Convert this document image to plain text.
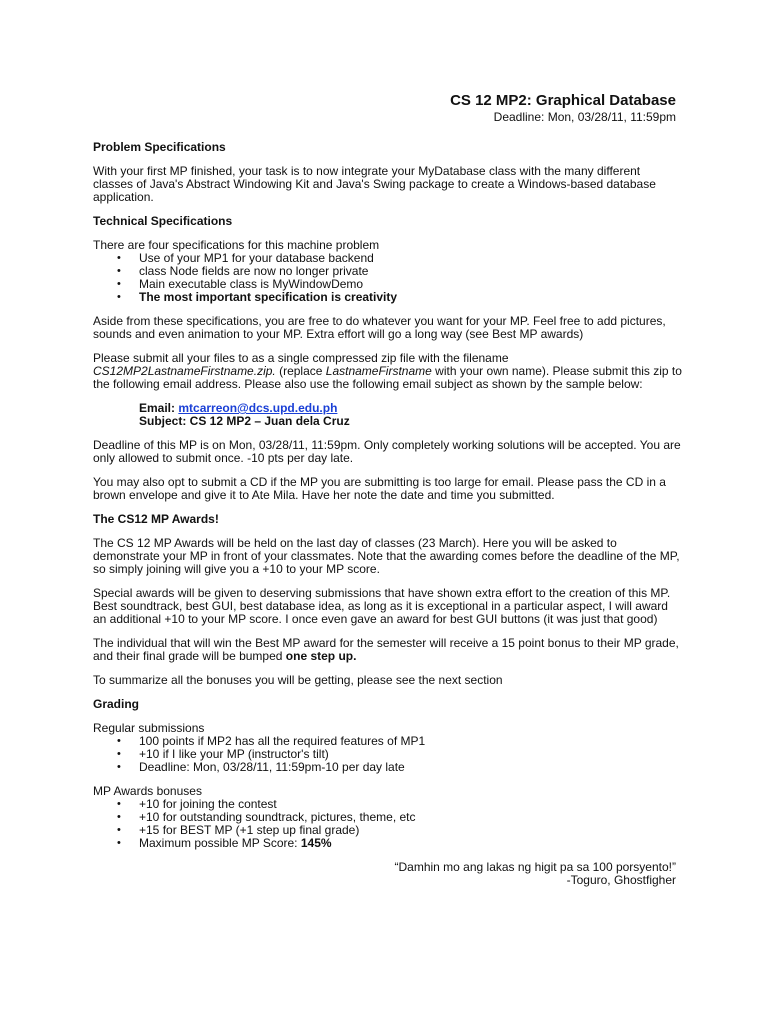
CS 12 MP2: Graphical Database
Deadline: Mon, 03/28/11, 11:59pm
Problem Specifications

With your first MP finished, your task is to now integrate your MyDatabase class with the many different classes of Java's Abstract Windowing Kit and Java's Swing package to create a Windows-based database application.

Technical Specifications

There are four specifications for this machine problem

• Use of your MP1 for your database backend
• class Node fields are now no longer private
• Main executable class is MyWindowDemo
• The most important specification is creativity

Aside from these specifications, you are free to do whatever you want for your MP. Feel free to add pictures, sounds and even animation to your MP. Extra effort will go a long way (see Best MP awards)

Please submit all your files to as a single compressed zip file with the filename
CS12MP2LastnameFirstname.zip. (replace LastnameFirstname with your own name). Please submit this zip to the following email address. Please also use the following email subject as shown by the sample below:

Email: mtcarreon@dcs.upd.edu.ph
Subject: CS 12 MP2 – Juan dela Cruz

Deadline of this MP is on Mon, 03/28/11, 11:59pm. Only completely working solutions will be accepted. You are only allowed to submit once. -10 pts per day late.

You may also opt to submit a CD if the MP you are submitting is too large for email. Please pass the CD in a brown envelope and give it to Ate Mila. Have her note the date and time you submitted.

The CS12 MP Awards!

The CS 12 MP Awards will be held on the last day of classes (23 March). Here you will be asked to demonstrate your MP in front of your classmates. Note that the awarding comes before the deadline of the MP, so simply joining will give you a +10 to your MP score.

Special awards will be given to deserving submissions that have shown extra effort to the creation of this MP. Best soundtrack, best GUI, best database idea, as long as it is exceptional in a particular aspect, I will award an additional +10 to your MP score. I once even gave an award for best GUI buttons (it was just that good)

The individual that will win the Best MP award for the semester will receive a 15 point bonus to their MP grade, and their final grade will be bumped one step up.

To summarize all the bonuses you will be getting, please see the next section

Grading

Regular submissions

• 100 points if MP2 has all the required features of MP1
• +10 if I like your MP (instructor's tilt)
• Deadline: Mon, 03/28/11, 11:59pm-10 per day late

MP Awards bonuses

• +10 for joining the contest
• +10 for outstanding soundtrack, pictures, theme, etc
• +15 for BEST MP (+1 step up final grade)
• Maximum possible MP Score: 145%
“Damhin mo ang lakas ng higit pa sa 100 porsyento!”
-Toguro, Ghostfigher
